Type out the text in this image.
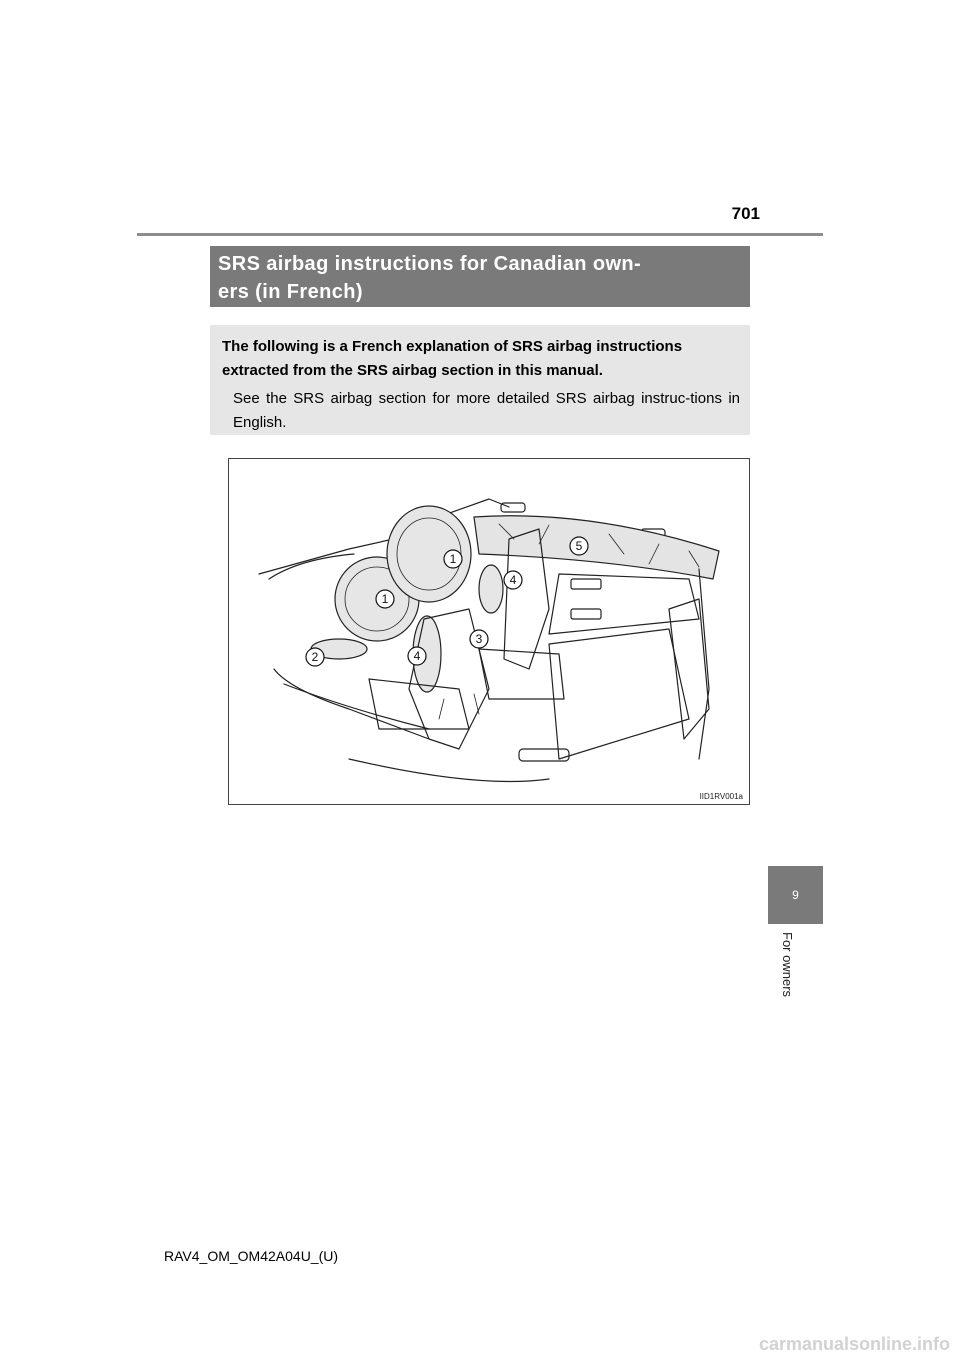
701
SRS airbag instructions for Canadian own-
ers (in French)

The following is a French explanation of SRS airbag instructions extracted from the SRS airbag section in this manual.

See the SRS airbag section for more detailed SRS airbag instruc-tions in English.

1
1
2
3
4
4
5
IID1RV001a
9
For owners
RAV4_OM_OM42A04U_(U)
carmanualsonline.info
